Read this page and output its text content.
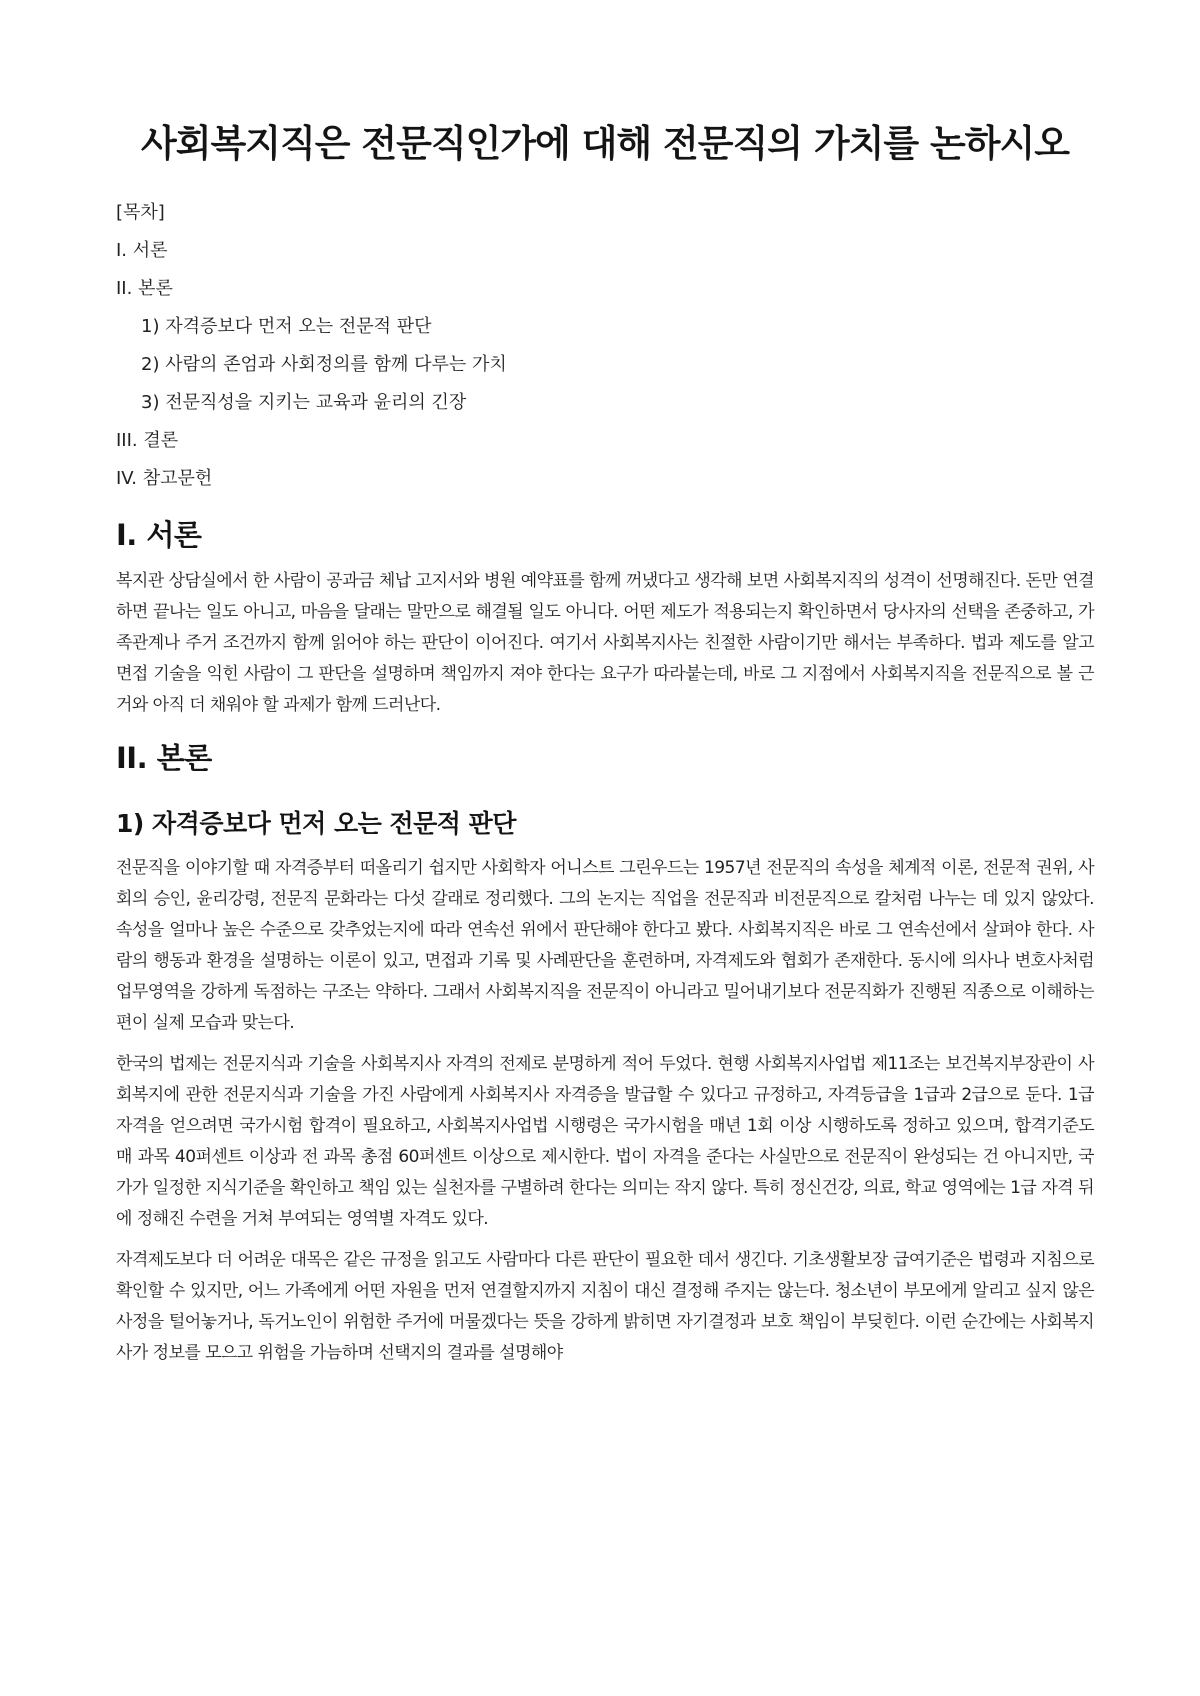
사회복지직은 전문직인가에 대해 전문직의 가치를 논하시오
[목차]
I. 서론
II. 본론
1) 자격증보다 먼저 오는 전문적 판단
2) 사람의 존엄과 사회정의를 함께 다루는 가치
3) 전문직성을 지키는 교육과 윤리의 긴장
III. 결론
IV. 참고문헌
I. 서론

복지관 상담실에서 한 사람이 공과금 체납 고지서와 병원 예약표를 함께 꺼냈다고 생각해 보면 사회복지직의 성격이 선명해진다. 돈만 연결하면 끝나는 일도 아니고, 마음을 달래는 말만으로 해결될 일도 아니다. 어떤 제도가 적용되는지 확인하면서 당사자의 선택을 존중하고, 가족관계나 주거 조건까지 함께 읽어야 하는 판단이 이어진다. 여기서 사회복지사는 친절한 사람이기만 해서는 부족하다. 법과 제도를 알고 면접 기술을 익힌 사람이 그 판단을 설명하며 책임까지 져야 한다는 요구가 따라붙는데, 바로 그 지점에서 사회복지직을 전문직으로 볼 근거와 아직 더 채워야 할 과제가 함께 드러난다.

II. 본론
1) 자격증보다 먼저 오는 전문적 판단

전문직을 이야기할 때 자격증부터 떠올리기 쉽지만 사회학자 어니스트 그린우드는 1957년 전문직의 속성을 체계적 이론, 전문적 권위, 사회의 승인, 윤리강령, 전문직 문화라는 다섯 갈래로 정리했다. 그의 논지는 직업을 전문직과 비전문직으로 칼처럼 나누는 데 있지 않았다. 속성을 얼마나 높은 수준으로 갖추었는지에 따라 연속선 위에서 판단해야 한다고 봤다. 사회복지직은 바로 그 연속선에서 살펴야 한다. 사람의 행동과 환경을 설명하는 이론이 있고, 면접과 기록 및 사례판단을 훈련하며, 자격제도와 협회가 존재한다. 동시에 의사나 변호사처럼 업무영역을 강하게 독점하는 구조는 약하다. 그래서 사회복지직을 전문직이 아니라고 밀어내기보다 전문직화가 진행된 직종으로 이해하는 편이 실제 모습과 맞는다.

한국의 법제는 전문지식과 기술을 사회복지사 자격의 전제로 분명하게 적어 두었다. 현행 사회복지사업법 제11조는 보건복지부장관이 사회복지에 관한 전문지식과 기술을 가진 사람에게 사회복지사 자격증을 발급할 수 있다고 규정하고, 자격등급을 1급과 2급으로 둔다. 1급 자격을 얻으려면 국가시험 합격이 필요하고, 사회복지사업법 시행령은 국가시험을 매년 1회 이상 시행하도록 정하고 있으며, 합격기준도 매 과목 40퍼센트 이상과 전 과목 총점 60퍼센트 이상으로 제시한다. 법이 자격을 준다는 사실만으로 전문직이 완성되는 건 아니지만, 국가가 일정한 지식기준을 확인하고 책임 있는 실천자를 구별하려 한다는 의미는 작지 않다. 특히 정신건강, 의료, 학교 영역에는 1급 자격 뒤에 정해진 수련을 거쳐 부여되는 영역별 자격도 있다.

자격제도보다 더 어려운 대목은 같은 규정을 읽고도 사람마다 다른 판단이 필요한 데서 생긴다. 기초생활보장 급여기준은 법령과 지침으로 확인할 수 있지만, 어느 가족에게 어떤 자원을 먼저 연결할지까지 지침이 대신 결정해 주지는 않는다. 청소년이 부모에게 알리고 싶지 않은 사정을 털어놓거나, 독거노인이 위험한 주거에 머물겠다는 뜻을 강하게 밝히면 자기결정과 보호 책임이 부딪힌다. 이런 순간에는 사회복지사가 정보를 모으고 위험을 가늠하며 선택지의 결과를 설명해야
